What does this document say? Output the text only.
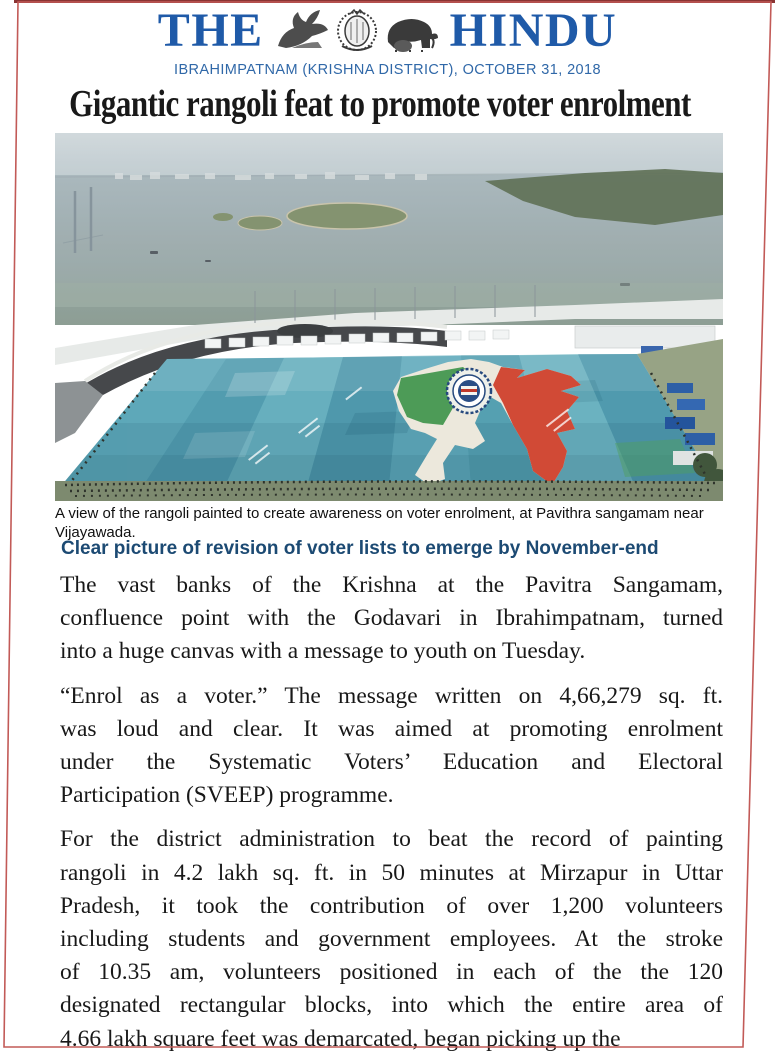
THE	HINDU
IBRAHIMPATNAM (KRISHNA DISTRICT), OCTOBER 31, 2018
Gigantic rangoli feat to promote voter enrolment
A view of the rangoli painted to create awareness on voter enrolment, at Pavithra sangamam near Vijayawada.
Clear picture of revision of voter lists to emerge by November-end
The vast banks of the Krishna at the Pavitra Sangamam,
confluence point with the Godavari in Ibrahimpatnam, turned
into a huge canvas with a message to youth on Tuesday.
“Enrol as a voter.” The message written on 4,66,279 sq. ft.
was loud and clear. It was aimed at promoting enrolment
under the Systematic Voters’ Education and Electoral
Participation (SVEEP) programme.
For the district administration to beat the record of painting
rangoli in 4.2 lakh sq. ft. in 50 minutes at Mirzapur in Uttar
Pradesh, it took the contribution of over 1,200 volunteers
including students and government employees. At the stroke
of 10.35 am, volunteers positioned in each of the the 120
designated rectangular blocks, into which the entire area of
4.66 lakh square feet was demarcated, began picking up the
